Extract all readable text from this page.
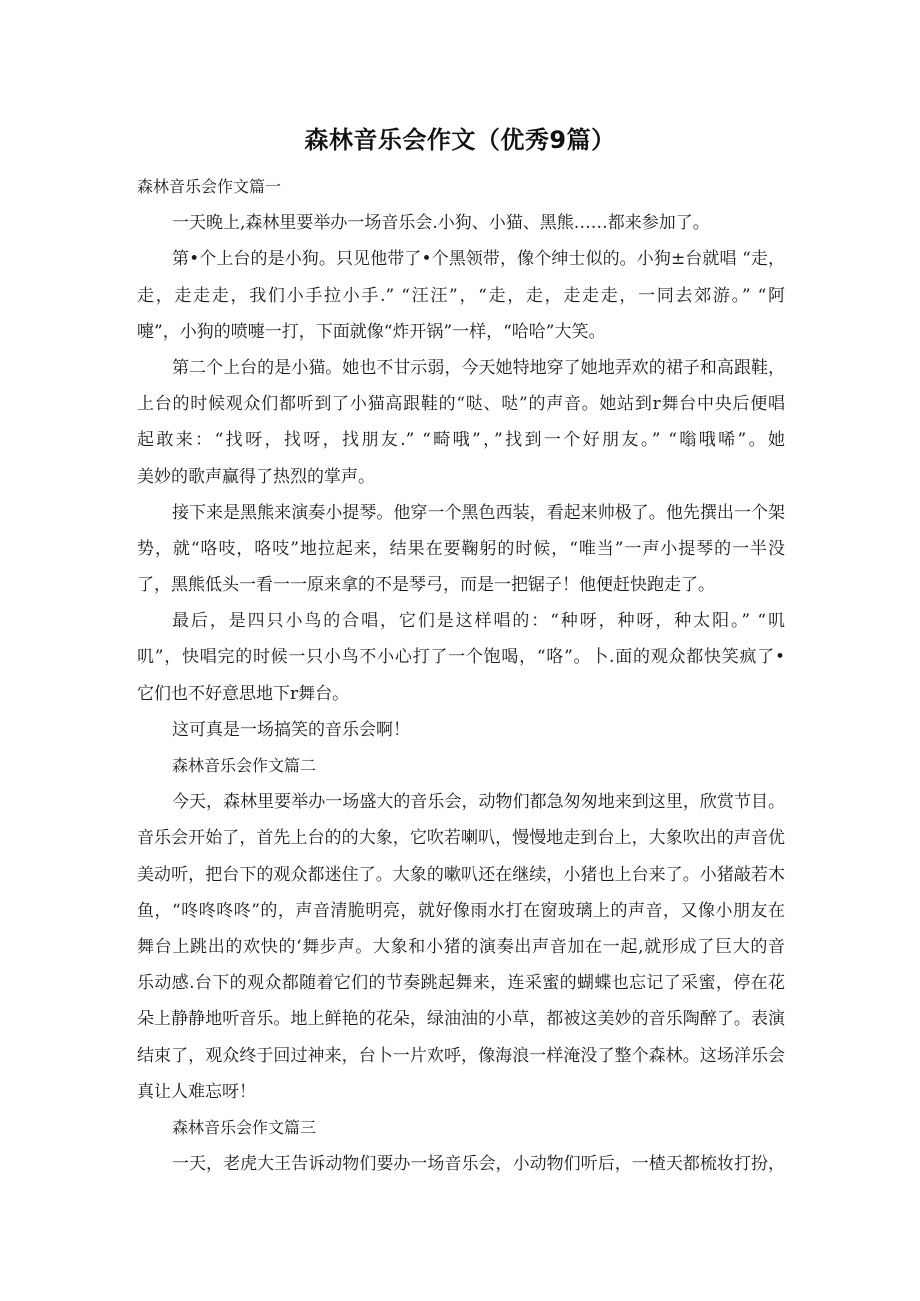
森林音乐会作文（优秀9篇）
森林音乐会作文篇一
一天晚上,森林里要举办一场音乐会.小狗、小猫、黑熊……都来参加了。
第•个上台的是小狗。只见他带了•个黑领带，像个绅士似的。小狗±台就唱 “走，
走，走走走，我们小手拉小手.” “汪汪”，“走，走，走走走，一同去郊游。” “阿
嚏”，小狗的喷嚏一打，下面就像“炸开锅”一样，“哈哈”大笑。
第二个上台的是小猫。她也不甘示弱，今天她特地穿了她地弄欢的裙子和高跟鞋，
上台的时候观众们都听到了小猫高跟鞋的“哒、哒”的声音。她站到r舞台中央后便唱
起敢来：“找呀，找呀，找朋友.” “畸哦”，”找到一个好朋友。” “嗡哦唏”。她
美妙的歌声赢得了热烈的掌声。
接下来是黑熊来演奏小提琴。他穿一个黑色西装，看起来帅极了。他先撰出一个架
势，就“咯吱，咯吱”地拉起来，结果在要鞠躬的时候，“唯当”一声小提琴的一半没
了，黑熊低头一看一一原来拿的不是琴弓，而是一把锯子！他便赶快跑走了。
最后，是四只小鸟的合唱，它们是这样唱的：“种呀，种呀，种太阳。” “叽
叽”，快唱完的时候一只小鸟不小心打了一个饱喝，“咯”。卜.面的观众都快笑疯了•
它们也不好意思地下r舞台。
这可真是一场搞笑的音乐会啊！
森林音乐会作文篇二
今天，森林里要举办一场盛大的音乐会，动物们都急匆匆地来到这里，欣赏节目。
音乐会开始了，首先上台的的大象，它吹若喇叭，慢慢地走到台上，大象吹出的声音优
美动听，把台下的观众都迷住了。大象的嗽叭还在继续，小猪也上台来了。小猪敲若木
鱼，“咚咚咚咚”的，声音清脆明亮，就好像雨水打在窗玻璃上的声音，又像小朋友在
舞台上跳出的欢快的‘舞步声。大象和小猪的演奏出声音加在一起,就形成了巨大的音
乐动感.台下的观众都随着它们的节奏跳起舞来，连采蜜的蝴蝶也忘记了采蜜，停在花
朵上静静地听音乐。地上鲜艳的花朵，绿油油的小草，都被这美妙的音乐陶醉了。表演
结束了，观众终于回过神来，台卜一片欢呼，像海浪一样淹没了整个森林。这场洋乐会
真让人难忘呀！
森林音乐会作文篇三
一天，老虎大王告诉动物们要办一场音乐会，小动物们听后，一楂天都梳妆打扮，
